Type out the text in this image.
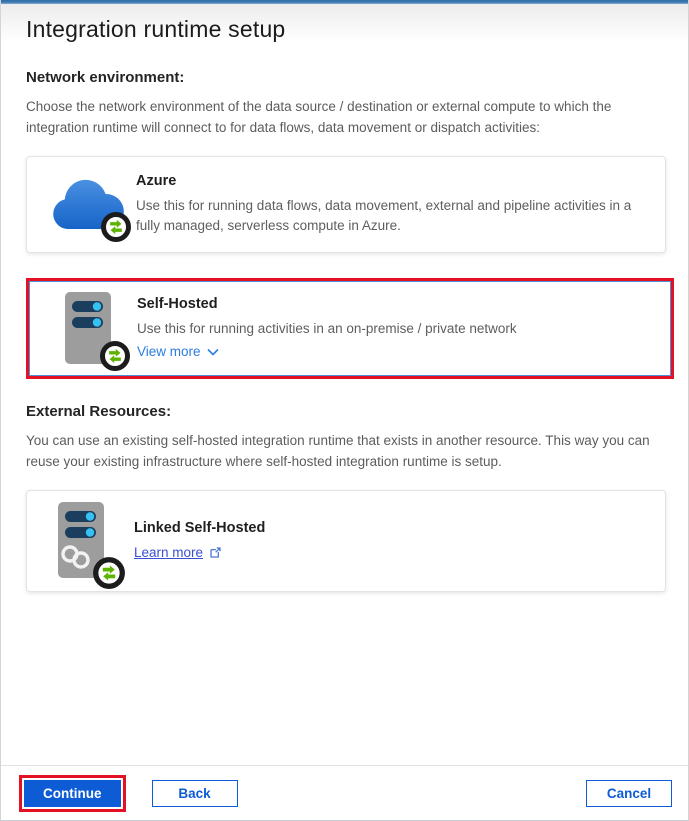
Integration runtime setup
Network environment:
Choose the network environment of the data source / destination or external compute to which the integration runtime will connect to for data flows, data movement or dispatch activities:
Azure
Use this for running data flows, data movement, external and pipeline activities in a fully managed, serverless compute in Azure.
Self-Hosted
Use this for running activities in an on-premise / private network
View more
External Resources:
You can use an existing self-hosted integration runtime that exists in another resource. This way you can reuse your existing infrastructure where self-hosted integration runtime is setup.
Linked Self-Hosted
Learn more
Continue	Back	Cancel
